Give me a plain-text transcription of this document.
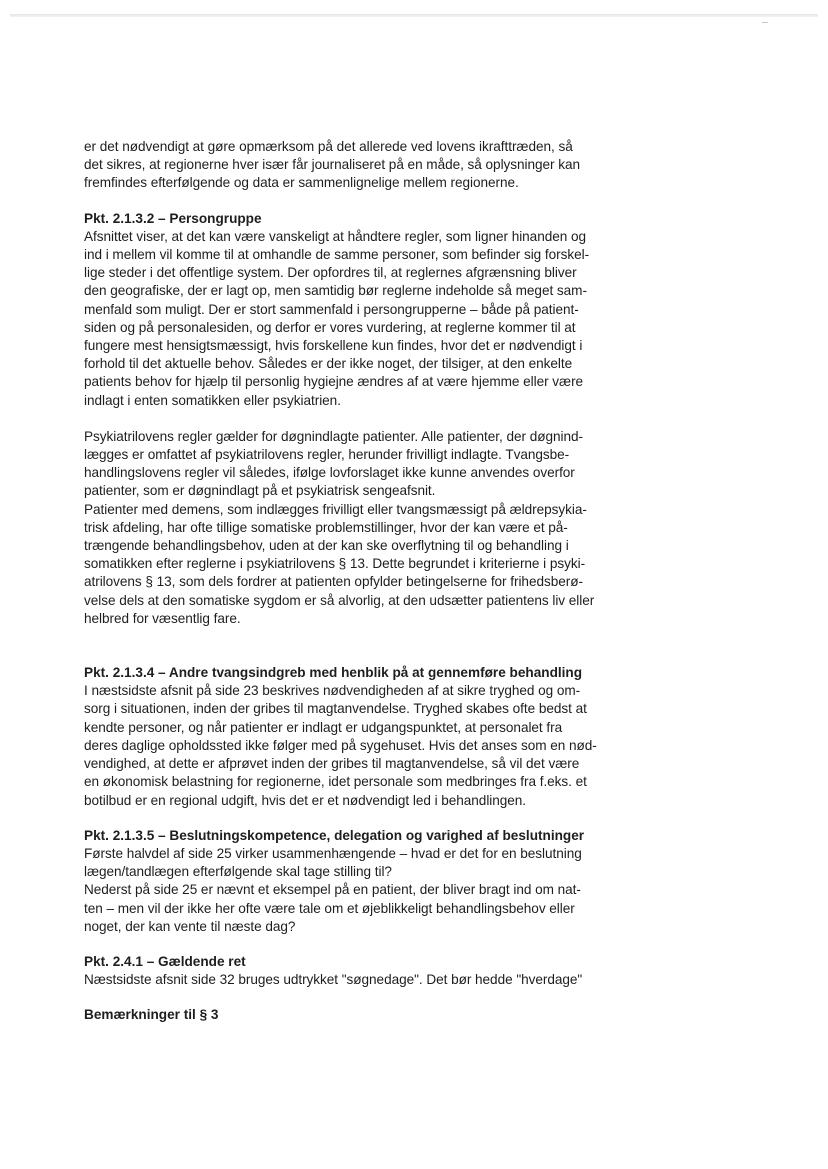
er det nødvendigt at gøre opmærksom på det allerede ved lovens ikrafttræden, så
det sikres, at regionerne hver især får journaliseret på en måde, så oplysninger kan
fremfindes efterfølgende og data er sammenlignelige mellem regionerne.

Pkt. 2.1.3.2 – Persongruppe

Afsnittet viser, at det kan være vanskeligt at håndtere regler, som ligner hinanden og
ind i mellem vil komme til at omhandle de samme personer, som befinder sig forskel-
lige steder i det offentlige system. Der opfordres til, at reglernes afgrænsning bliver
den geografiske, der er lagt op, men samtidig bør reglerne indeholde så meget sam-
menfald som muligt. Der er stort sammenfald i persongrupperne – både på patient-
siden og på personalesiden, og derfor er vores vurdering, at reglerne kommer til at
fungere mest hensigtsmæssigt, hvis forskellene kun findes, hvor det er nødvendigt i
forhold til det aktuelle behov. Således er der ikke noget, der tilsiger, at den enkelte
patients behov for hjælp til personlig hygiejne ændres af at være hjemme eller være
indlagt i enten somatikken eller psykiatrien.

Psykiatrilovens regler gælder for døgnindlagte patienter. Alle patienter, der døgnind-
lægges er omfattet af psykiatrilovens regler, herunder frivilligt indlagte. Tvangsbe-
handlingslovens regler vil således, ifølge lovforslaget ikke kunne anvendes overfor
patienter, som er døgnindlagt på et psykiatrisk sengeafsnit.
Patienter med demens, som indlægges frivilligt eller tvangsmæssigt på ældrepsykia-
trisk afdeling, har ofte tillige somatiske problemstillinger, hvor der kan være et på-
trængende behandlingsbehov, uden at der kan ske overflytning til og behandling i
somatikken efter reglerne i psykiatrilovens § 13. Dette begrundet i kriterierne i psyki-
atrilovens § 13, som dels fordrer at patienten opfylder betingelserne for frihedsberø-
velse dels at den somatiske sygdom er så alvorlig, at den udsætter patientens liv eller
helbred for væsentlig fare.

Pkt. 2.1.3.4 – Andre tvangsindgreb med henblik på at gennemføre behandling

I næstsidste afsnit på side 23 beskrives nødvendigheden af at sikre tryghed og om-
sorg i situationen, inden der gribes til magtanvendelse. Tryghed skabes ofte bedst at
kendte personer, og når patienter er indlagt er udgangspunktet, at personalet fra
deres daglige opholdssted ikke følger med på sygehuset. Hvis det anses som en nød-
vendighed, at dette er afprøvet inden der gribes til magtanvendelse, så vil det være
en økonomisk belastning for regionerne, idet personale som medbringes fra f.eks. et
botilbud er en regional udgift, hvis det er et nødvendigt led i behandlingen.

Pkt. 2.1.3.5 – Beslutningskompetence, delegation og varighed af beslutninger

Første halvdel af side 25 virker usammenhængende – hvad er det for en beslutning
lægen/tandlægen efterfølgende skal tage stilling til?
Nederst på side 25 er nævnt et eksempel på en patient, der bliver bragt ind om nat-
ten – men vil der ikke her ofte være tale om et øjeblikkeligt behandlingsbehov eller
noget, der kan vente til næste dag?

Pkt. 2.4.1 – Gældende ret

Næstsidste afsnit side 32 bruges udtrykket "søgnedage". Det bør hedde "hverdage"

Bemærkninger til § 3
